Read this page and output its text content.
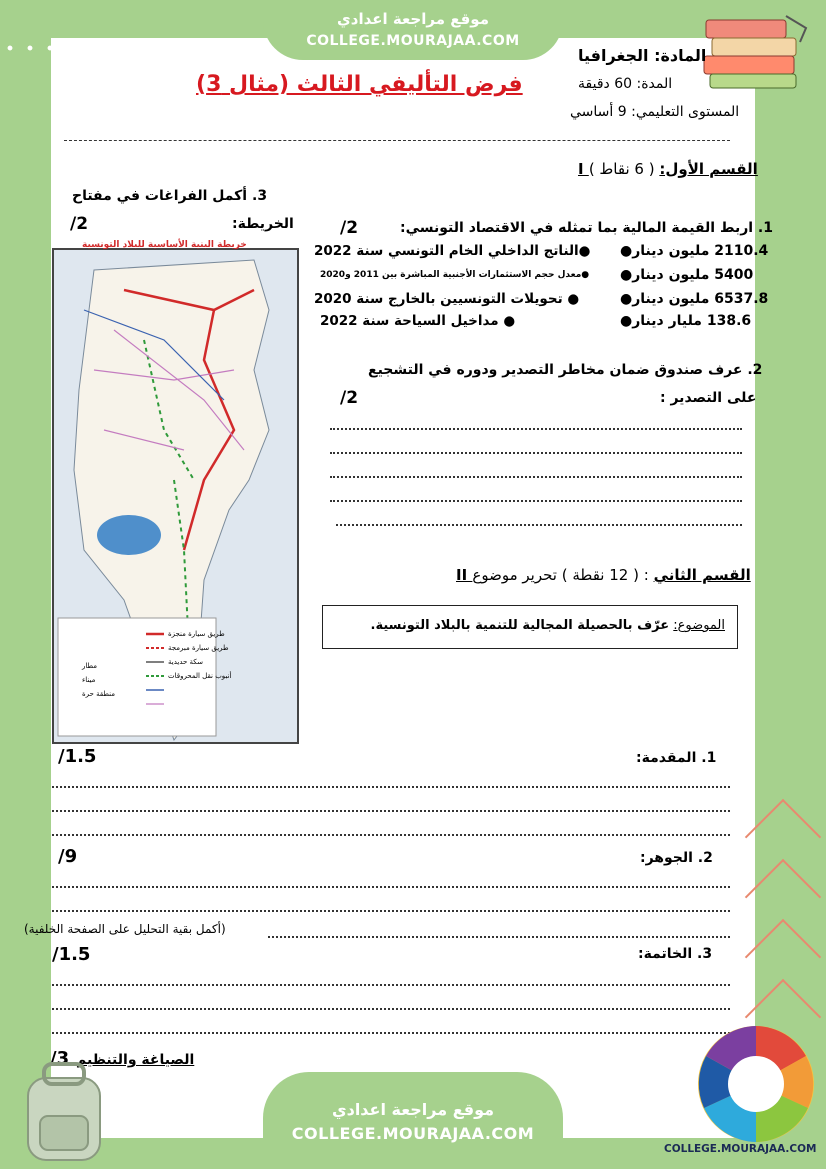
موقع مراجعة اعدادي
COLLEGE.MOURAJAA.COM
المادة: الجغرافيا
المدة: 60 دقيقة
المستوى التعليمي: 9 أساسي
فرض التأليفي الثالث (مثال 3)
I القسم الأول: ( 6 نقاط )
1. اربط القيمة المالية بما تمثله في الاقتصاد التونسي:
/2
2110.4 مليون دينار●
5400 مليون دينار●
6537.8 مليون دينار●
138.6 مليار دينار●
●الناتج الداخلي الخام التونسي سنة 2022
●معدل حجم الاستثمارات الأجنبية المباشرة بين 2011 و2020
● تحويلات التونسيين بالخارج سنة 2020
● مداخيل السياحة سنة 2022
2. عرف صندوق ضمان مخاطر التصدير ودوره في التشجيع
على التصدير :
/2
3. أكمل الفراغات في مفتاح
الخريطة:
/2
خريطة البنية الأساسية للبلاد التونسية
طريق سيارة منجزة
طريق سيارة مبرمجة
سكة حديدية
أنبوب نقل المحروقات
مطار
ميناء
منطقة حرة
II القسم الثاني : ( 12 نقطة ) تحرير موضوع
الموضوع: عرّف بالحصيلة المجالية للتنمية بالبلاد التونسية.
1. المقدمة:
/1.5
2. الجوهر:
/9
(أكمل بقية التحليل على الصفحة الخلفية)
3. الخاتمة:
/1.5
الصياغة والتنظيم
/3
موقع مراجعة اعدادي
COLLEGE.MOURAJAA.COM
COLLEGE.MOURAJAA.COM
